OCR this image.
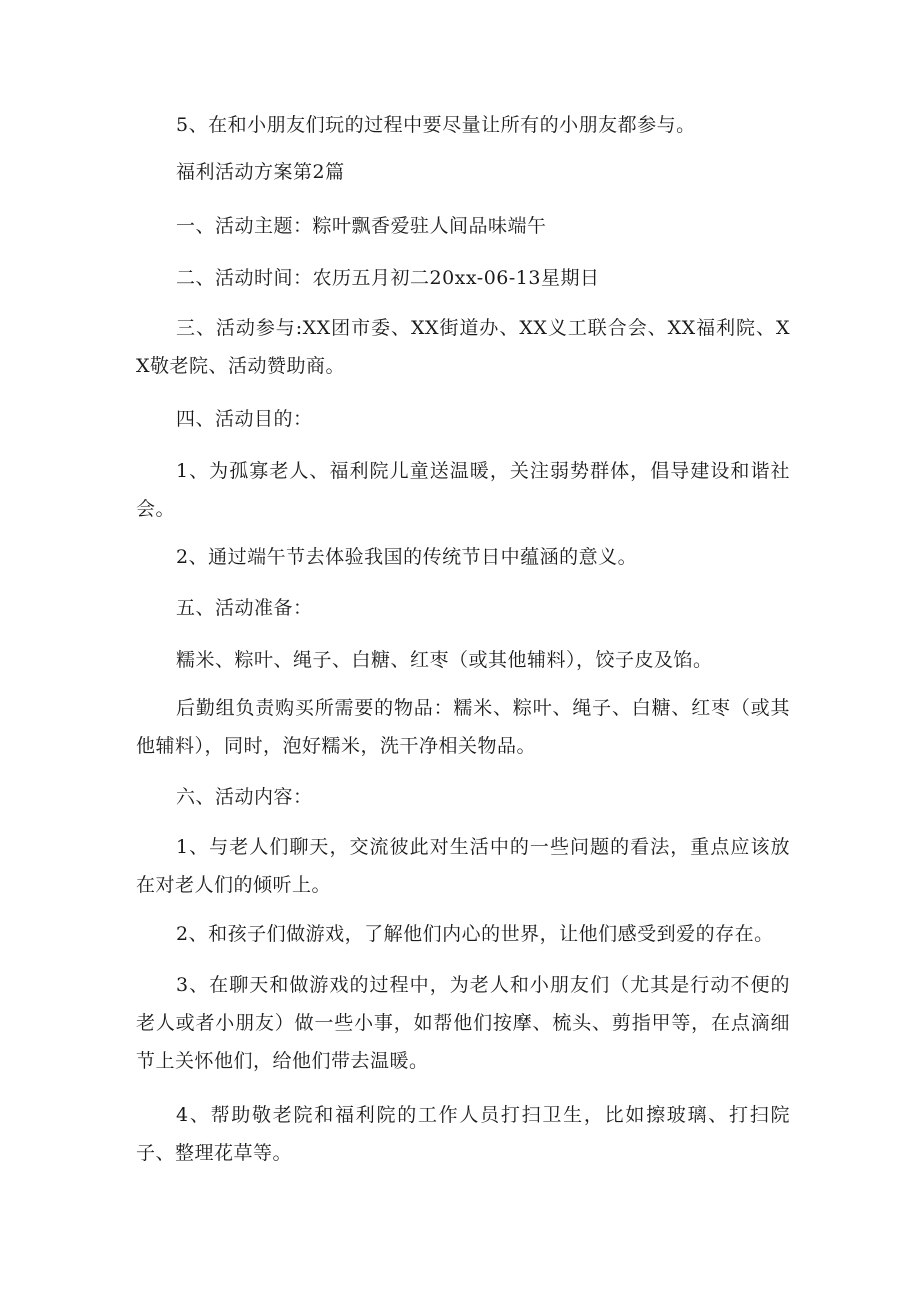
5、在和小朋友们玩的过程中要尽量让所有的小朋友都参与。

福利活动方案第2篇

一、活动主题：粽叶飘香爱驻人间品味端午

二、活动时间：农历五月初二20xx-06-13星期日

三、活动参与:XX团市委、XX街道办、XX义工联合会、XX福利院、XX敬老院、活动赞助商。

四、活动目的：

1、为孤寡老人、福利院儿童送温暖，关注弱势群体，倡导建设和谐社会。

2、通过端午节去体验我国的传统节日中蕴涵的意义。

五、活动准备：

糯米、粽叶、绳子、白糖、红枣（或其他辅料），饺子皮及馅。

后勤组负责购买所需要的物品：糯米、粽叶、绳子、白糖、红枣（或其他辅料），同时，泡好糯米，洗干净相关物品。

六、活动内容：

1、与老人们聊天，交流彼此对生活中的一些问题的看法，重点应该放在对老人们的倾听上。

2、和孩子们做游戏，了解他们内心的世界，让他们感受到爱的存在。

3、在聊天和做游戏的过程中，为老人和小朋友们（尤其是行动不便的老人或者小朋友）做一些小事，如帮他们按摩、梳头、剪指甲等，在点滴细节上关怀他们，给他们带去温暖。

4、帮助敬老院和福利院的工作人员打扫卫生，比如擦玻璃、打扫院子、整理花草等。
